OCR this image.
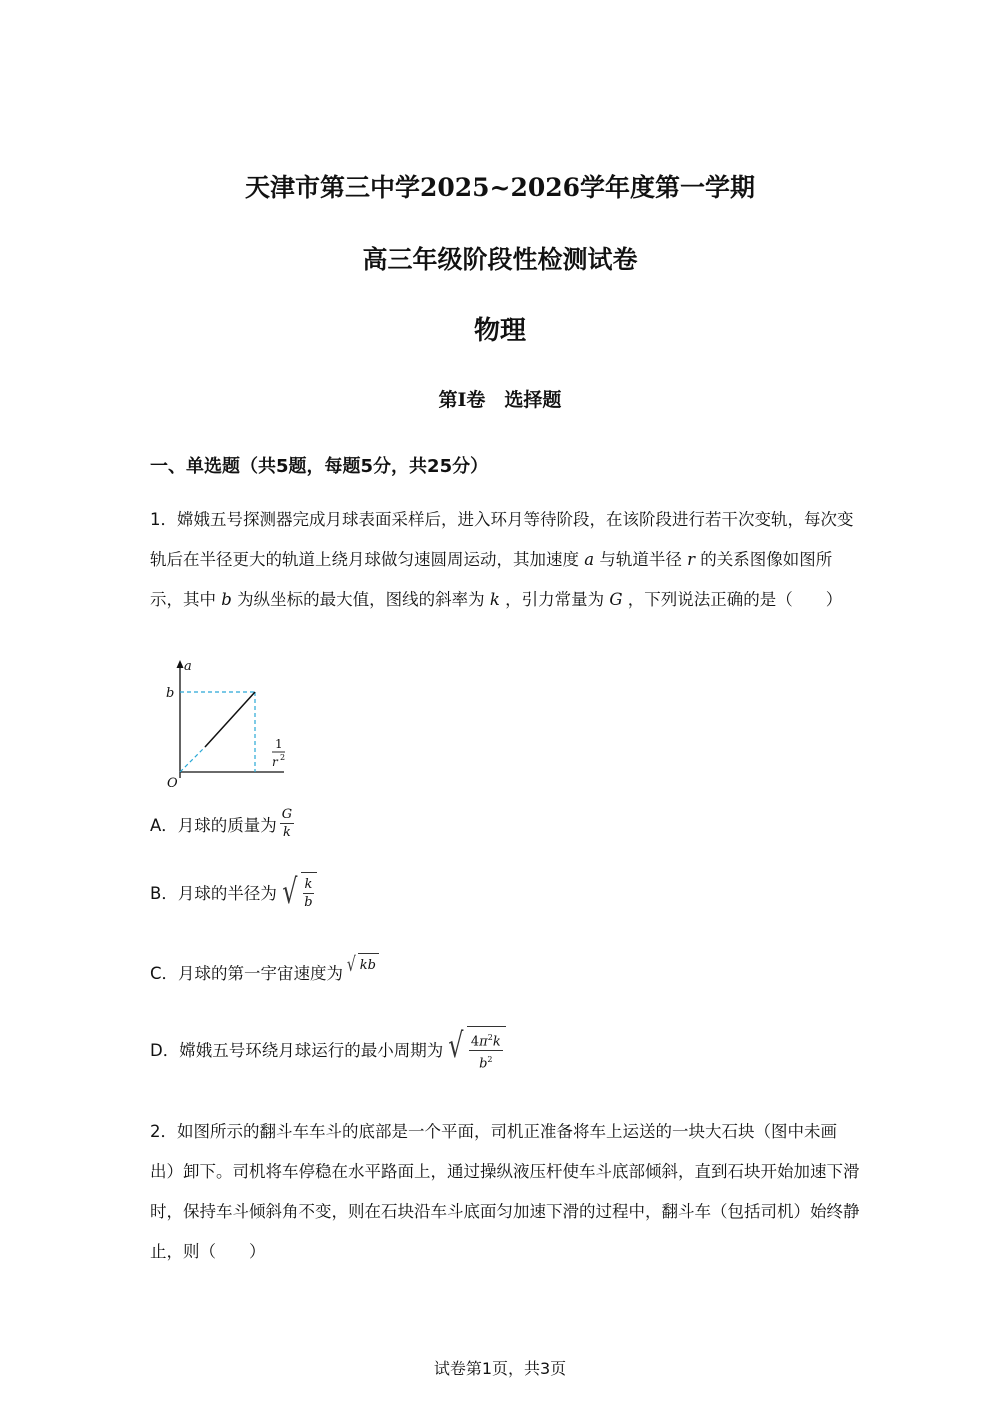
天津市第三中学2025~2026学年度第一学期
高三年级阶段性检测试卷
物理
第I卷　选择题
一、单选题（共5题，每题5分，共25分）
1．嫦娥五号探测器完成月球表面采样后，进入环月等待阶段，在该阶段进行若干次变轨，每次变轨后在半径更大的轨道上绕月球做匀速圆周运动，其加速度 a 与轨道半径 r 的关系图像如图所示，其中 b 为纵坐标的最大值，图线的斜率为 k ，引力常量为 G ，下列说法正确的是（　　）
a
b
O
1
r 2
A．月球的质量为 $\frac{G}{k}$
B．月球的半径为 √ $\frac{k}{b}$
C．月球的第一宇宙速度为 √ kb
D．嫦娥五号环绕月球运行的最小周期为 √ $\frac{4\pi^2k}{b^2}$
2．如图所示的翻斗车车斗的底部是一个平面，司机正准备将车上运送的一块大石块（图中未画出）卸下。司机将车停稳在水平路面上，通过操纵液压杆使车斗底部倾斜，直到石块开始加速下滑时，保持车斗倾斜角不变，则在石块沿车斗底面匀加速下滑的过程中，翻斗车（包括司机）始终静止，则（　　）
试卷第1页，共3页
